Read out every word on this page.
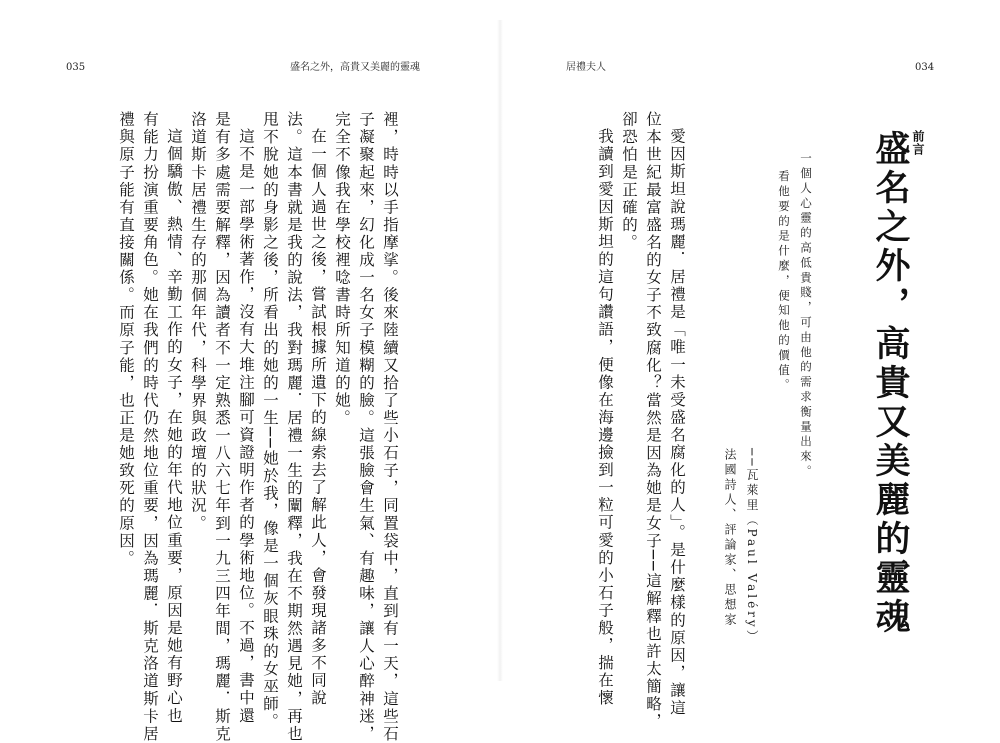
035	盛名之外，高貴又美麗的靈魂
裡，時時以手指摩挲。後來陸續又拾了些小石子，同置袋中，直到有一天，這些石
子凝聚起來，幻化成一名女子模糊的臉。這張臉會生氣、有趣味，讓人心醉神迷，
完全不像我在學校裡唸書時所知道的她。
在一個人過世之後，嘗試根據所遺下的線索去了解此人，會發現諸多不同說
法。這本書就是我的說法，我對瑪麗．居禮一生的闡釋，我在不期然遇見她，再也
甩不脫她的身影之後，所看出的她的一生──她於我，像是一個灰眼珠的女巫師。
這不是一部學術著作，沒有大堆注腳可資證明作者的學術地位。不過，書中還
是有多處需要解釋，因為讀者不一定熟悉一八六七年到一九三四年間，瑪麗．斯克
洛道斯卡居禮生存的那個年代，科學界與政壇的狀況。
這個驕傲、熱情、辛勤工作的女子，在她的年代地位重要，原因是她有野心也
有能力扮演重要角色。她在我們的時代仍然地位重要，因為瑪麗．斯克洛道斯卡居
禮與原子能有直接關係。而原子能，也正是她致死的原因。
居禮夫人	034
前言
盛名之外，高貴又美麗的靈魂
一個人心靈的高低貴賤，可由他的需求衡量出來。
看他要的是什麼，便知他的價值。
──瓦萊里（Paul Valéry）
法國詩人、評論家、思想家
愛因斯坦說瑪麗．居禮是「唯一未受盛名腐化的人」。是什麼樣的原因，讓這
位本世紀最富盛名的女子不致腐化？當然是因為她是女子──這解釋也許太簡略，
卻恐怕是正確的。
我讀到愛因斯坦的這句讚語，便像在海邊撿到一粒可愛的小石子般，揣在懷
